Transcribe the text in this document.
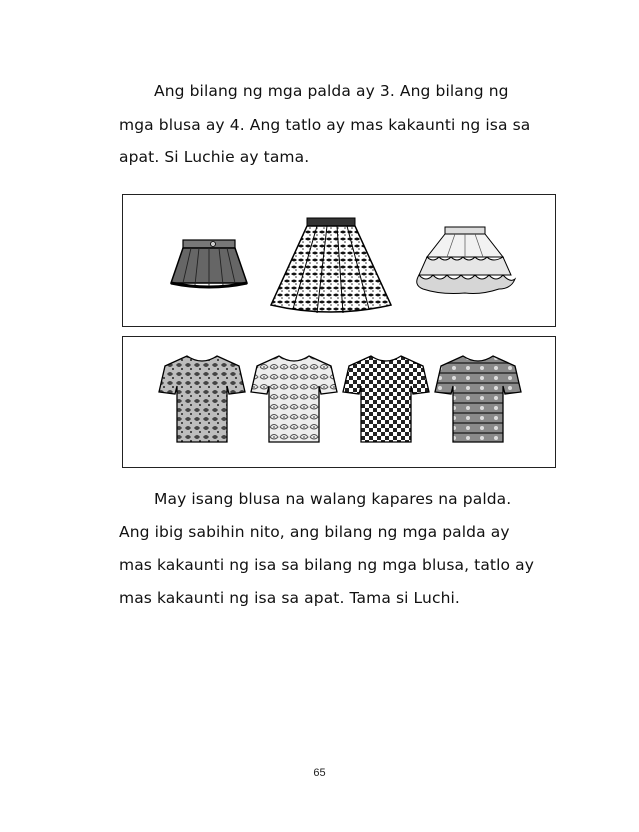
Ang bilang ng mga palda ay 3. Ang bilang ng
mga blusa ay 4. Ang tatlo ay mas kakaunti ng isa sa
apat. Si Luchie ay tama.
May isang blusa na walang kapares na palda.
Ang ibig sabihin nito, ang bilang ng mga palda ay
mas kakaunti ng isa sa bilang ng mga blusa, tatlo ay
mas kakaunti ng isa sa apat. Tama si Luchi.
65
